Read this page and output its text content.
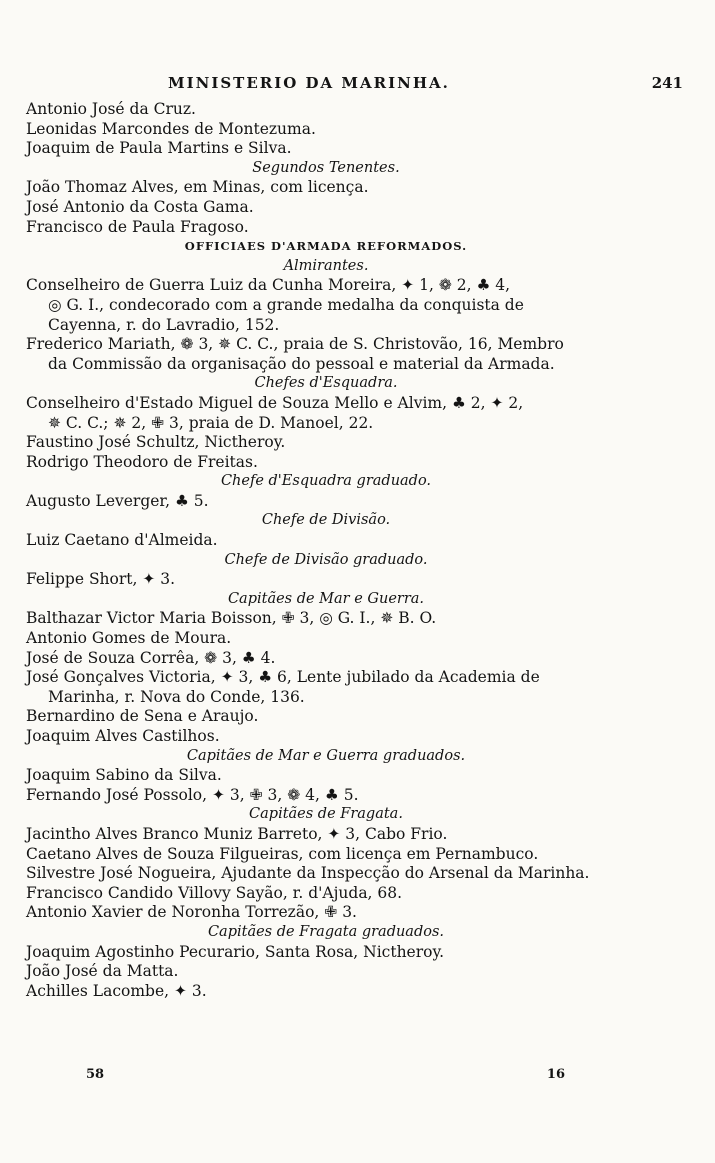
MINISTERIO DA MARINHA.	241
Antonio José da Cruz.
Leonidas Marcondes de Montezuma.
Joaquim de Paula Martins e Silva.
Segundos Tenentes.
João Thomaz Alves, em Minas, com licença.
José Antonio da Costa Gama.
Francisco de Paula Fragoso.
OFFICIAES D'ARMADA REFORMADOS.
Almirantes.
Conselheiro de Guerra Luiz da Cunha Moreira, ✦ 1, ❁ 2, ♣ 4,
◎ G. I., condecorado com a grande medalha da conquista de
Cayenna, r. do Lavradio, 152.
Frederico Mariath, ❁ 3, ✵ C. C., praia de S. Christovão, 16, Membro
da Commissão da organisação do pessoal e material da Armada.
Chefes d'Esquadra.
Conselheiro d'Estado Miguel de Souza Mello e Alvim, ♣ 2, ✦ 2,
✵ C. C.; ✵ 2, ✙ 3, praia de D. Manoel, 22.
Faustino José Schultz, Nictheroy.
Rodrigo Theodoro de Freitas.
Chefe d'Esquadra graduado.
Augusto Leverger, ♣ 5.
Chefe de Divisão.
Luiz Caetano d'Almeida.
Chefe de Divisão graduado.
Felippe Short, ✦ 3.
Capitães de Mar e Guerra.
Balthazar Victor Maria Boisson, ✙ 3, ◎ G. I., ✵ B. O.
Antonio Gomes de Moura.
José de Souza Corrêa, ❁ 3, ♣ 4.
José Gonçalves Victoria, ✦ 3, ♣ 6, Lente jubilado da Academia de
Marinha, r. Nova do Conde, 136.
Bernardino de Sena e Araujo.
Joaquim Alves Castilhos.
Capitães de Mar e Guerra graduados.
Joaquim Sabino da Silva.
Fernando José Possolo, ✦ 3, ✙ 3, ❁ 4, ♣ 5.
Capitães de Fragata.
Jacintho Alves Branco Muniz Barreto, ✦ 3, Cabo Frio.
Caetano Alves de Souza Filgueiras, com licença em Pernambuco.
Silvestre José Nogueira, Ajudante da Inspecção do Arsenal da Marinha.
Francisco Candido Villovy Sayão, r. d'Ajuda, 68.
Antonio Xavier de Noronha Torrezão, ✙ 3.
Capitães de Fragata graduados.
Joaquim Agostinho Pecurario, Santa Rosa, Nictheroy.
João José da Matta.
Achilles Lacombe, ✦ 3.
58	16
